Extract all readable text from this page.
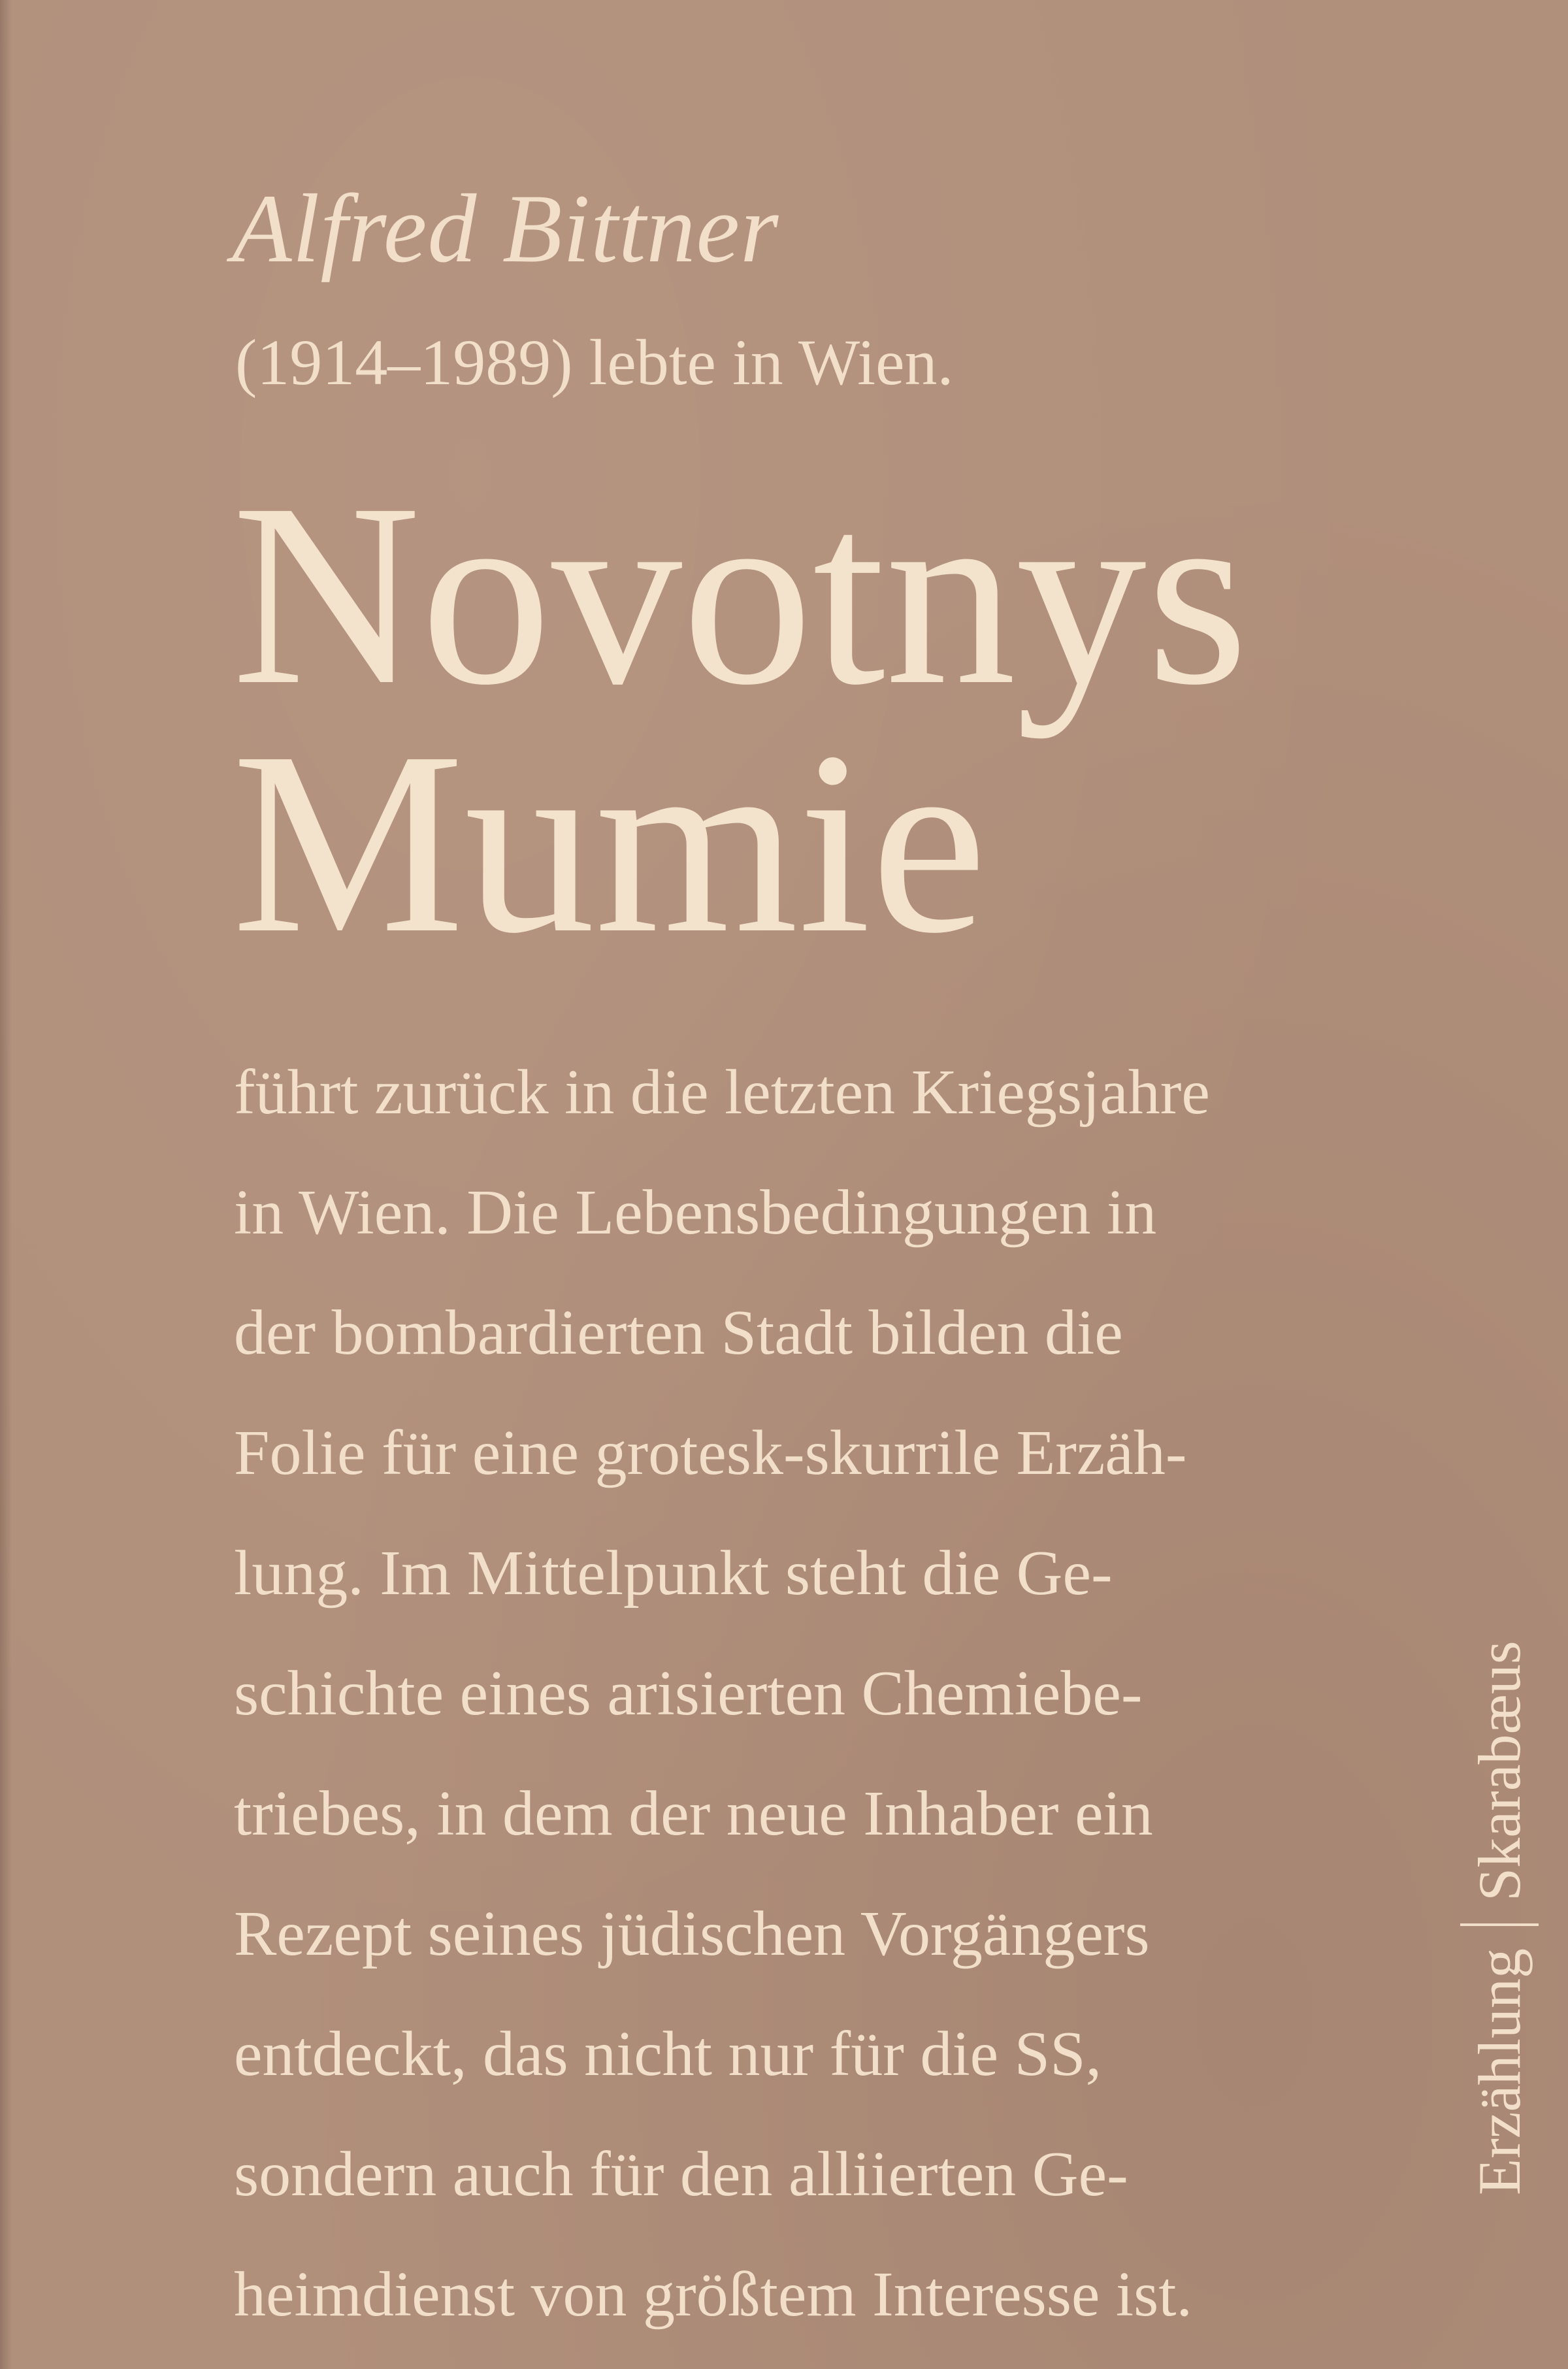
Alfred Bittner
(1914–1989) lebte in Wien.
Novotnys
Mumie
führt zurück in die letzten Kriegsjahre
in Wien. Die Lebensbedingungen in
der bombardierten Stadt bilden die
Folie für eine grotesk-skurrile Erzäh-
lung. Im Mittelpunkt steht die Ge-
schichte eines arisierten Chemiebe-
triebes, in dem der neue Inhaber ein
Rezept seines jüdischen Vorgängers
entdeckt, das nicht nur für die SS,
sondern auch für den alliierten Ge-
heimdienst von größtem Interesse ist.
Erzählung
Skarabæus
